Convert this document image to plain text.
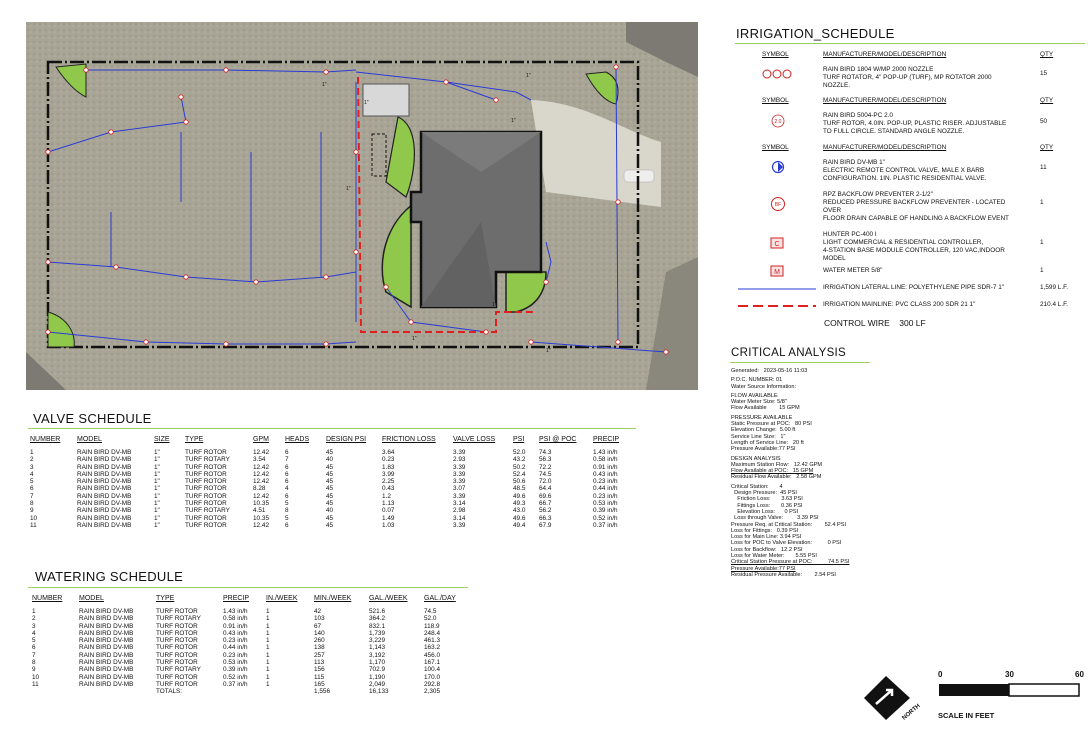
1"
1"
1"
1"
1"
1"
1"
1"
IRRIGATION_SCHEDULE
SYMBOL	MANUFACTURER/MODEL/DESCRIPTION	QTY
RAIN BIRD 1804 W/MP 2000 NOZZLE
TURF ROTATOR, 4" POP-UP (TURF), MP ROTATOR 2000
NOZZLE.
15
SYMBOL	MANUFACTURER/MODEL/DESCRIPTION	QTY
2.0
RAIN BIRD 5004-PC 2.0
TURF ROTOR, 4.0IN. POP-UP, PLASTIC RISER. ADJUSTABLE
TO FULL CIRCLE. STANDARD ANGLE NOZZLE.
50
SYMBOL	MANUFACTURER/MODEL/DESCRIPTION	QTY
RAIN BIRD DV-MB 1"
ELECTRIC REMOTE CONTROL VALVE, MALE X BARB
CONFIGURATION. 1IN. PLASTIC RESIDENTIAL VALVE.
11
BF
RPZ BACKFLOW PREVENTER 2-1/2"
REDUCED PRESSURE BACKFLOW PREVENTER - LOCATED
OVER
FLOOR DRAIN CAPABLE OF HANDLING A BACKFLOW EVENT
1
C
HUNTER PC-400 I
LIGHT COMMERCIAL & RESIDENTIAL CONTROLLER,
4-STATION BASE MODULE CONTROLLER, 120 VAC,INDOOR
MODEL
1
M	WATER METER 5/8"	1
IRRIGATION LATERAL LINE: POLYETHYLENE PIPE SDR-7 1"	1,599 L.F.
IRRIGATION MAINLINE: PVC CLASS 200 SDR 21 1"	210.4 L.F.
CONTROL WIRE    300 LF
CRITICAL ANALYSIS
Generated:   2023-05-16 11:03
P.O.C. NUMBER: 01
Water Source Information:
FLOW AVAILABLE
Water Meter Size: 5/8"
Flow Available        15 GPM
PRESSURE AVAILABLE
Static Pressure at POC:   80 PSI
Elevation Change:  5.00 ft
Service Line Size:   1"
Length of Service Line:   20 ft
Pressure Available:77 PSI
DESIGN ANALYSIS
Maximum Station Flow:   12.42 GPM
Flow Available at POC:   15 GPM
Residual Flow Available:   2.58 GPM
Critical Station:       4
Design Pressure:  45 PSI
Friction Loss:       3.63 PSI
Fittings Loss:       0.36 PSI
Elevation Loss:      0 PSI
Loss through Valve:         3.39 PSI
Pressure Req. at Critical Station:        52.4 PSI
Loss for Fittings:   0.39 PSI
Loss for Main Line: 3.94 PSI
Loss for POC to Valve Elevation:          0 PSI
Loss for Backflow:   12.2 PSI
Loss for Water Meter:       5.55 PSI
Critical Station Pressure at POC:          74.5 PSI
Pressure Available:77 PSI
Residual Pressure Available:        2.54 PSI
VALVE SCHEDULE
NUMBER	MODEL	SIZE	TYPE	GPM	HEADS	DESIGN PSI	FRICTION LOSS	VALVE LOSS	PSI	PSI @ POC	PRECIP
1	RAIN BIRD DV-MB	1"	TURF ROTOR	12.42	6	45	3.64	3.39	52.0	74.3	1.43 in/h
2	RAIN BIRD DV-MB	1"	TURF ROTARY	3.54	7	40	0.23	2.93	43.2	56.3	0.58 in/h
3	RAIN BIRD DV-MB	1"	TURF ROTOR	12.42	6	45	1.83	3.39	50.2	72.2	0.91 in/h
4	RAIN BIRD DV-MB	1"	TURF ROTOR	12.42	6	45	3.99	3.39	52.4	74.5	0.43 in/h
5	RAIN BIRD DV-MB	1"	TURF ROTOR	12.42	6	45	2.25	3.39	50.6	72.0	0.23 in/h
6	RAIN BIRD DV-MB	1"	TURF ROTOR	8.28	4	45	0.43	3.07	48.5	64.4	0.44 in/h
7	RAIN BIRD DV-MB	1"	TURF ROTOR	12.42	6	45	1.2	3.39	49.6	69.6	0.23 in/h
8	RAIN BIRD DV-MB	1"	TURF ROTOR	10.35	5	45	1.13	3.14	49.3	66.7	0.53 in/h
9	RAIN BIRD DV-MB	1"	TURF ROTARY	4.51	8	40	0.07	2.98	43.0	56.2	0.39 in/h
10	RAIN BIRD DV-MB	1"	TURF ROTOR	10.35	5	45	1.49	3.14	49.6	66.3	0.52 in/h
11	RAIN BIRD DV-MB	1"	TURF ROTOR	12.42	6	45	1.03	3.39	49.4	67.9	0.37 in/h
WATERING SCHEDULE
NUMBER	MODEL	TYPE	PRECIP	IN./WEEK	MIN./WEEK	GAL./WEEK	GAL./DAY
1	RAIN BIRD DV-MB	TURF ROTOR	1.43 in/h	1	42	521.6	74.5
2	RAIN BIRD DV-MB	TURF ROTARY	0.58 in/h	1	103	364.2	52.0
3	RAIN BIRD DV-MB	TURF ROTOR	0.91 in/h	1	67	832.1	118.9
4	RAIN BIRD DV-MB	TURF ROTOR	0.43 in/h	1	140	1,739	248.4
5	RAIN BIRD DV-MB	TURF ROTOR	0.23 in/h	1	260	3,229	461.3
6	RAIN BIRD DV-MB	TURF ROTOR	0.44 in/h	1	138	1,143	163.2
7	RAIN BIRD DV-MB	TURF ROTOR	0.23 in/h	1	257	3,192	456.0
8	RAIN BIRD DV-MB	TURF ROTOR	0.53 in/h	1	113	1,170	167.1
9	RAIN BIRD DV-MB	TURF ROTARY	0.39 in/h	1	156	702.9	100.4
10	RAIN BIRD DV-MB	TURF ROTOR	0.52 in/h	1	115	1,190	170.0
11	RAIN BIRD DV-MB	TURF ROTOR	0.37 in/h	1	165	2,049	292.8
		TOTALS:			1,556	16,133	2,305
NORTH
0	30	60
SCALE IN FEET
